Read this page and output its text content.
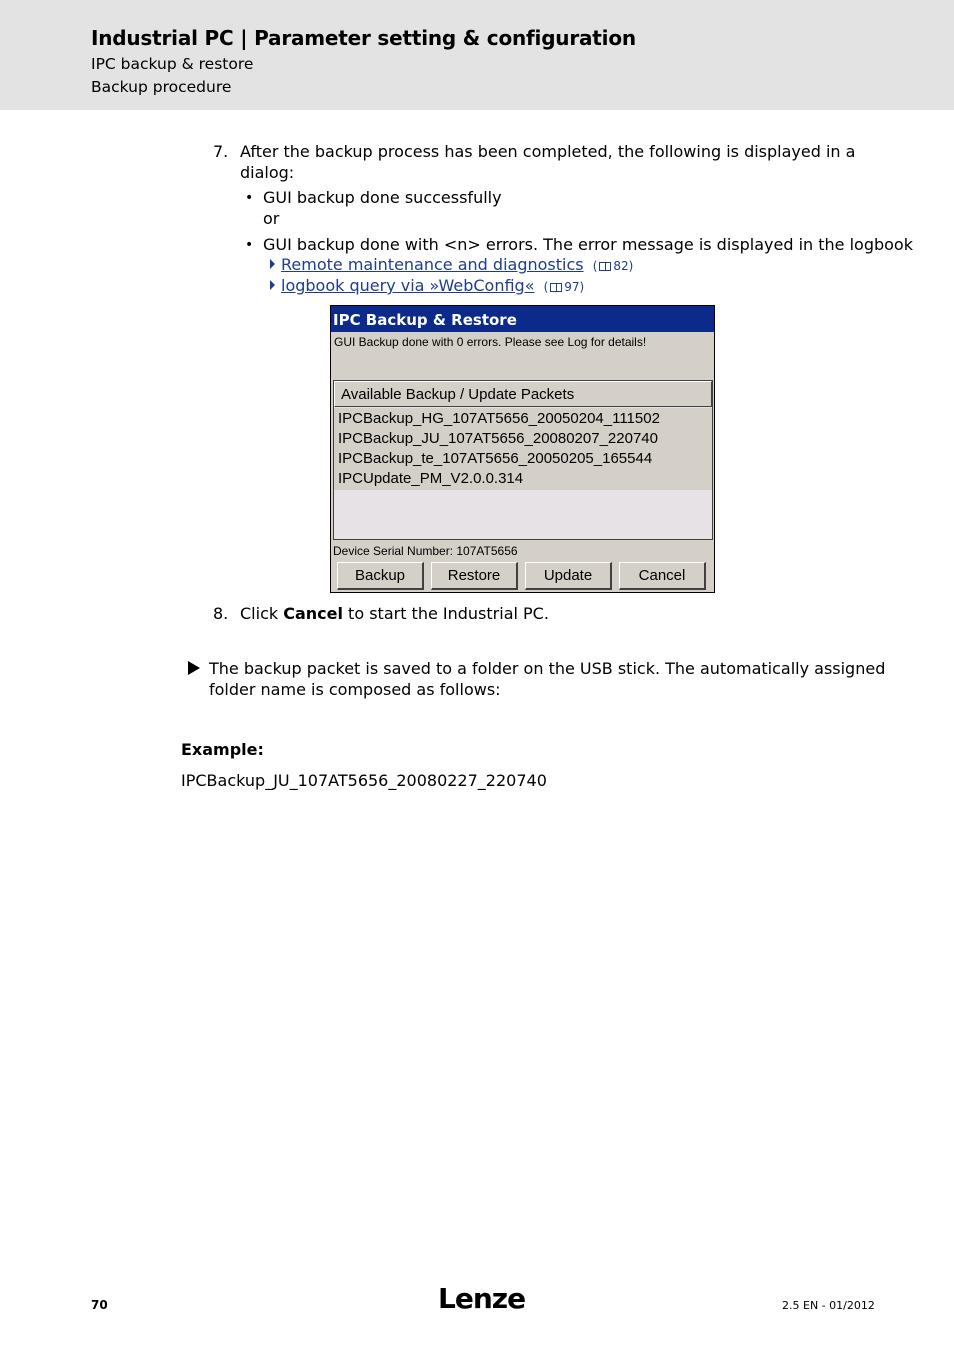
Industrial PC | Parameter setting & configuration
IPC backup & restore
Backup procedure
7. After the backup process has been completed, the following is displayed in a
dialog:
• GUI backup done successfully
or
• GUI backup done with <n> errors. The error message is displayed in the logbook
Remote maintenance and diagnostics ( 82)
logbook query via »WebConfig« ( 97)
IPC Backup & Restore
GUI Backup done with 0 errors. Please see Log for details!
Available Backup / Update Packets
IPCBackup_HG_107AT5656_20050204_111502
IPCBackup_JU_107AT5656_20080207_220740
IPCBackup_te_107AT5656_20050205_165544
IPCUpdate_PM_V2.0.0.314
Device Serial Number: 107AT5656
Backup	Restore	Update	Cancel
8. Click Cancel to start the Industrial PC.
The backup packet is saved to a folder on the USB stick. The automatically assigned
folder name is composed as follows:
Example:
IPCBackup_JU_107AT5656_20080227_220740
70	Lenze	2.5 EN - 01/2012
